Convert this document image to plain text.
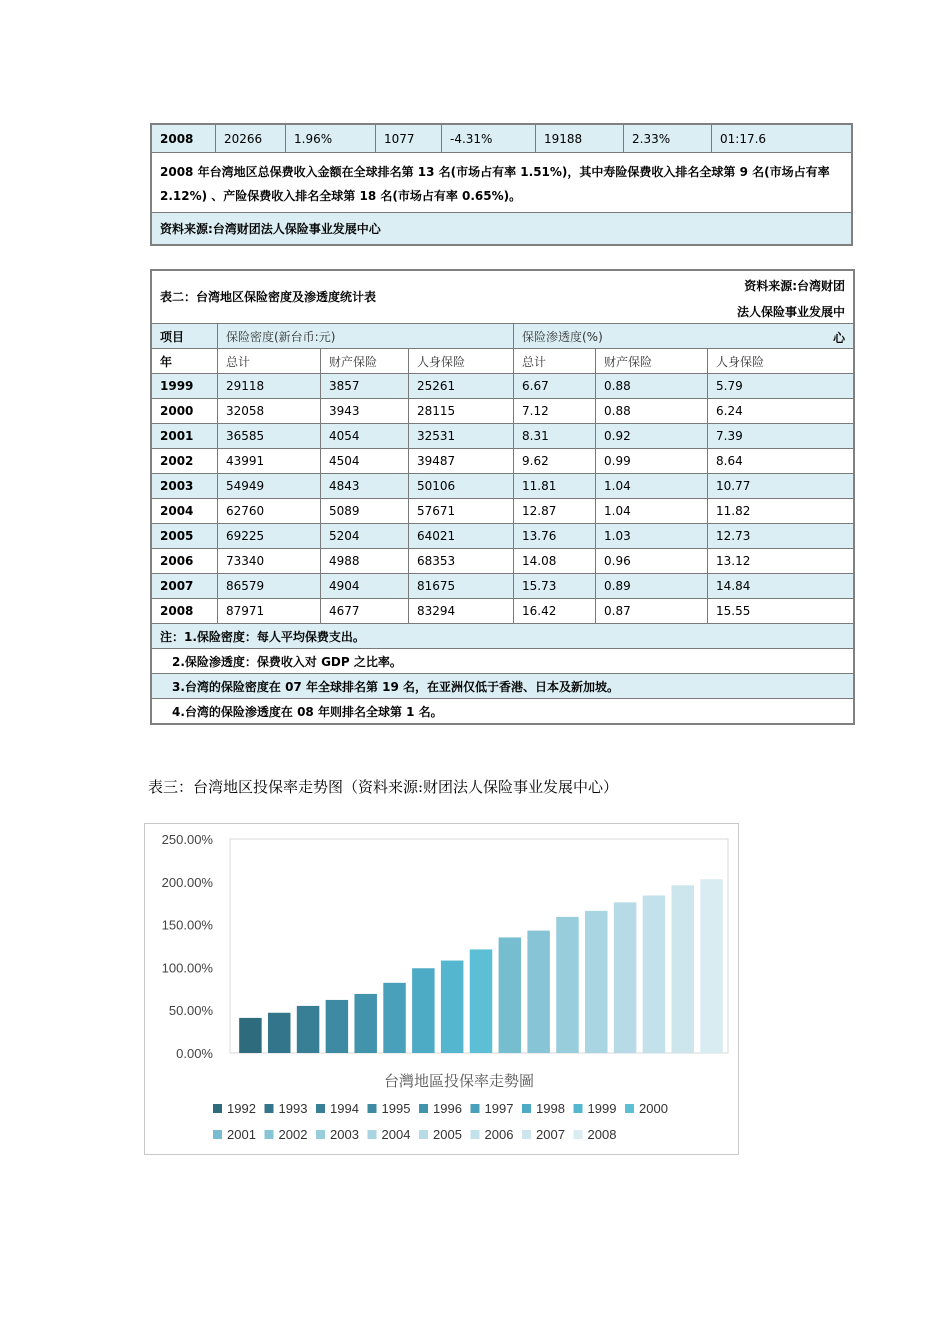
2008	20266	1.96%	1077	-4.31%	19188	2.33%	01:17.6
2008 年台湾地区总保费收入金额在全球排名第 13 名(市场占有率 1.51%)，其中寿险保费收入排名全球第 9 名(市场占有率 2.12%) 、产险保费收入排名全球第 18 名(市场占有率 0.65%)。
资料来源:台湾财团法人保险事业发展中心
表二：台湾地区保险密度及渗透度统计表
资料来源:台湾财团法人保险事业发展中心						

项目	保险密度(新台币:元)			保险渗透度(%)		
年	总计	财产保险	人身保险	总计	财产保险	人身保险
1999	29118	3857	25261	6.67	0.88	5.79
2000	32058	3943	28115	7.12	0.88	6.24
2001	36585	4054	32531	8.31	0.92	7.39
2002	43991	4504	39487	9.62	0.99	8.64
2003	54949	4843	50106	11.81	1.04	10.77
2004	62760	5089	57671	12.87	1.04	11.82
2005	69225	5204	64021	13.76	1.03	12.73
2006	73340	4988	68353	14.08	0.96	13.12
2007	86579	4904	81675	15.73	0.89	14.84
2008	87971	4677	83294	16.42	0.87	15.55
注：1.保险密度：每人平均保费支出。						
2.保险渗透度：保费收入对 GDP 之比率。						
3.台湾的保险密度在 07 年全球排名第 19 名，在亚洲仅低于香港、日本及新加坡。						
4.台湾的保险渗透度在 08 年则排名全球第 1 名。						
表三：台湾地区投保率走势图（资料来源:财团法人保险事业发展中心）
0.00%
50.00%
100.00%
150.00%
200.00%
250.00%
台灣地區投保率走勢圖
1992 1993 1994 1995 1996 1997 1998 1999 2000
2001 2002 2003 2004 2005 2006 2007 2008
